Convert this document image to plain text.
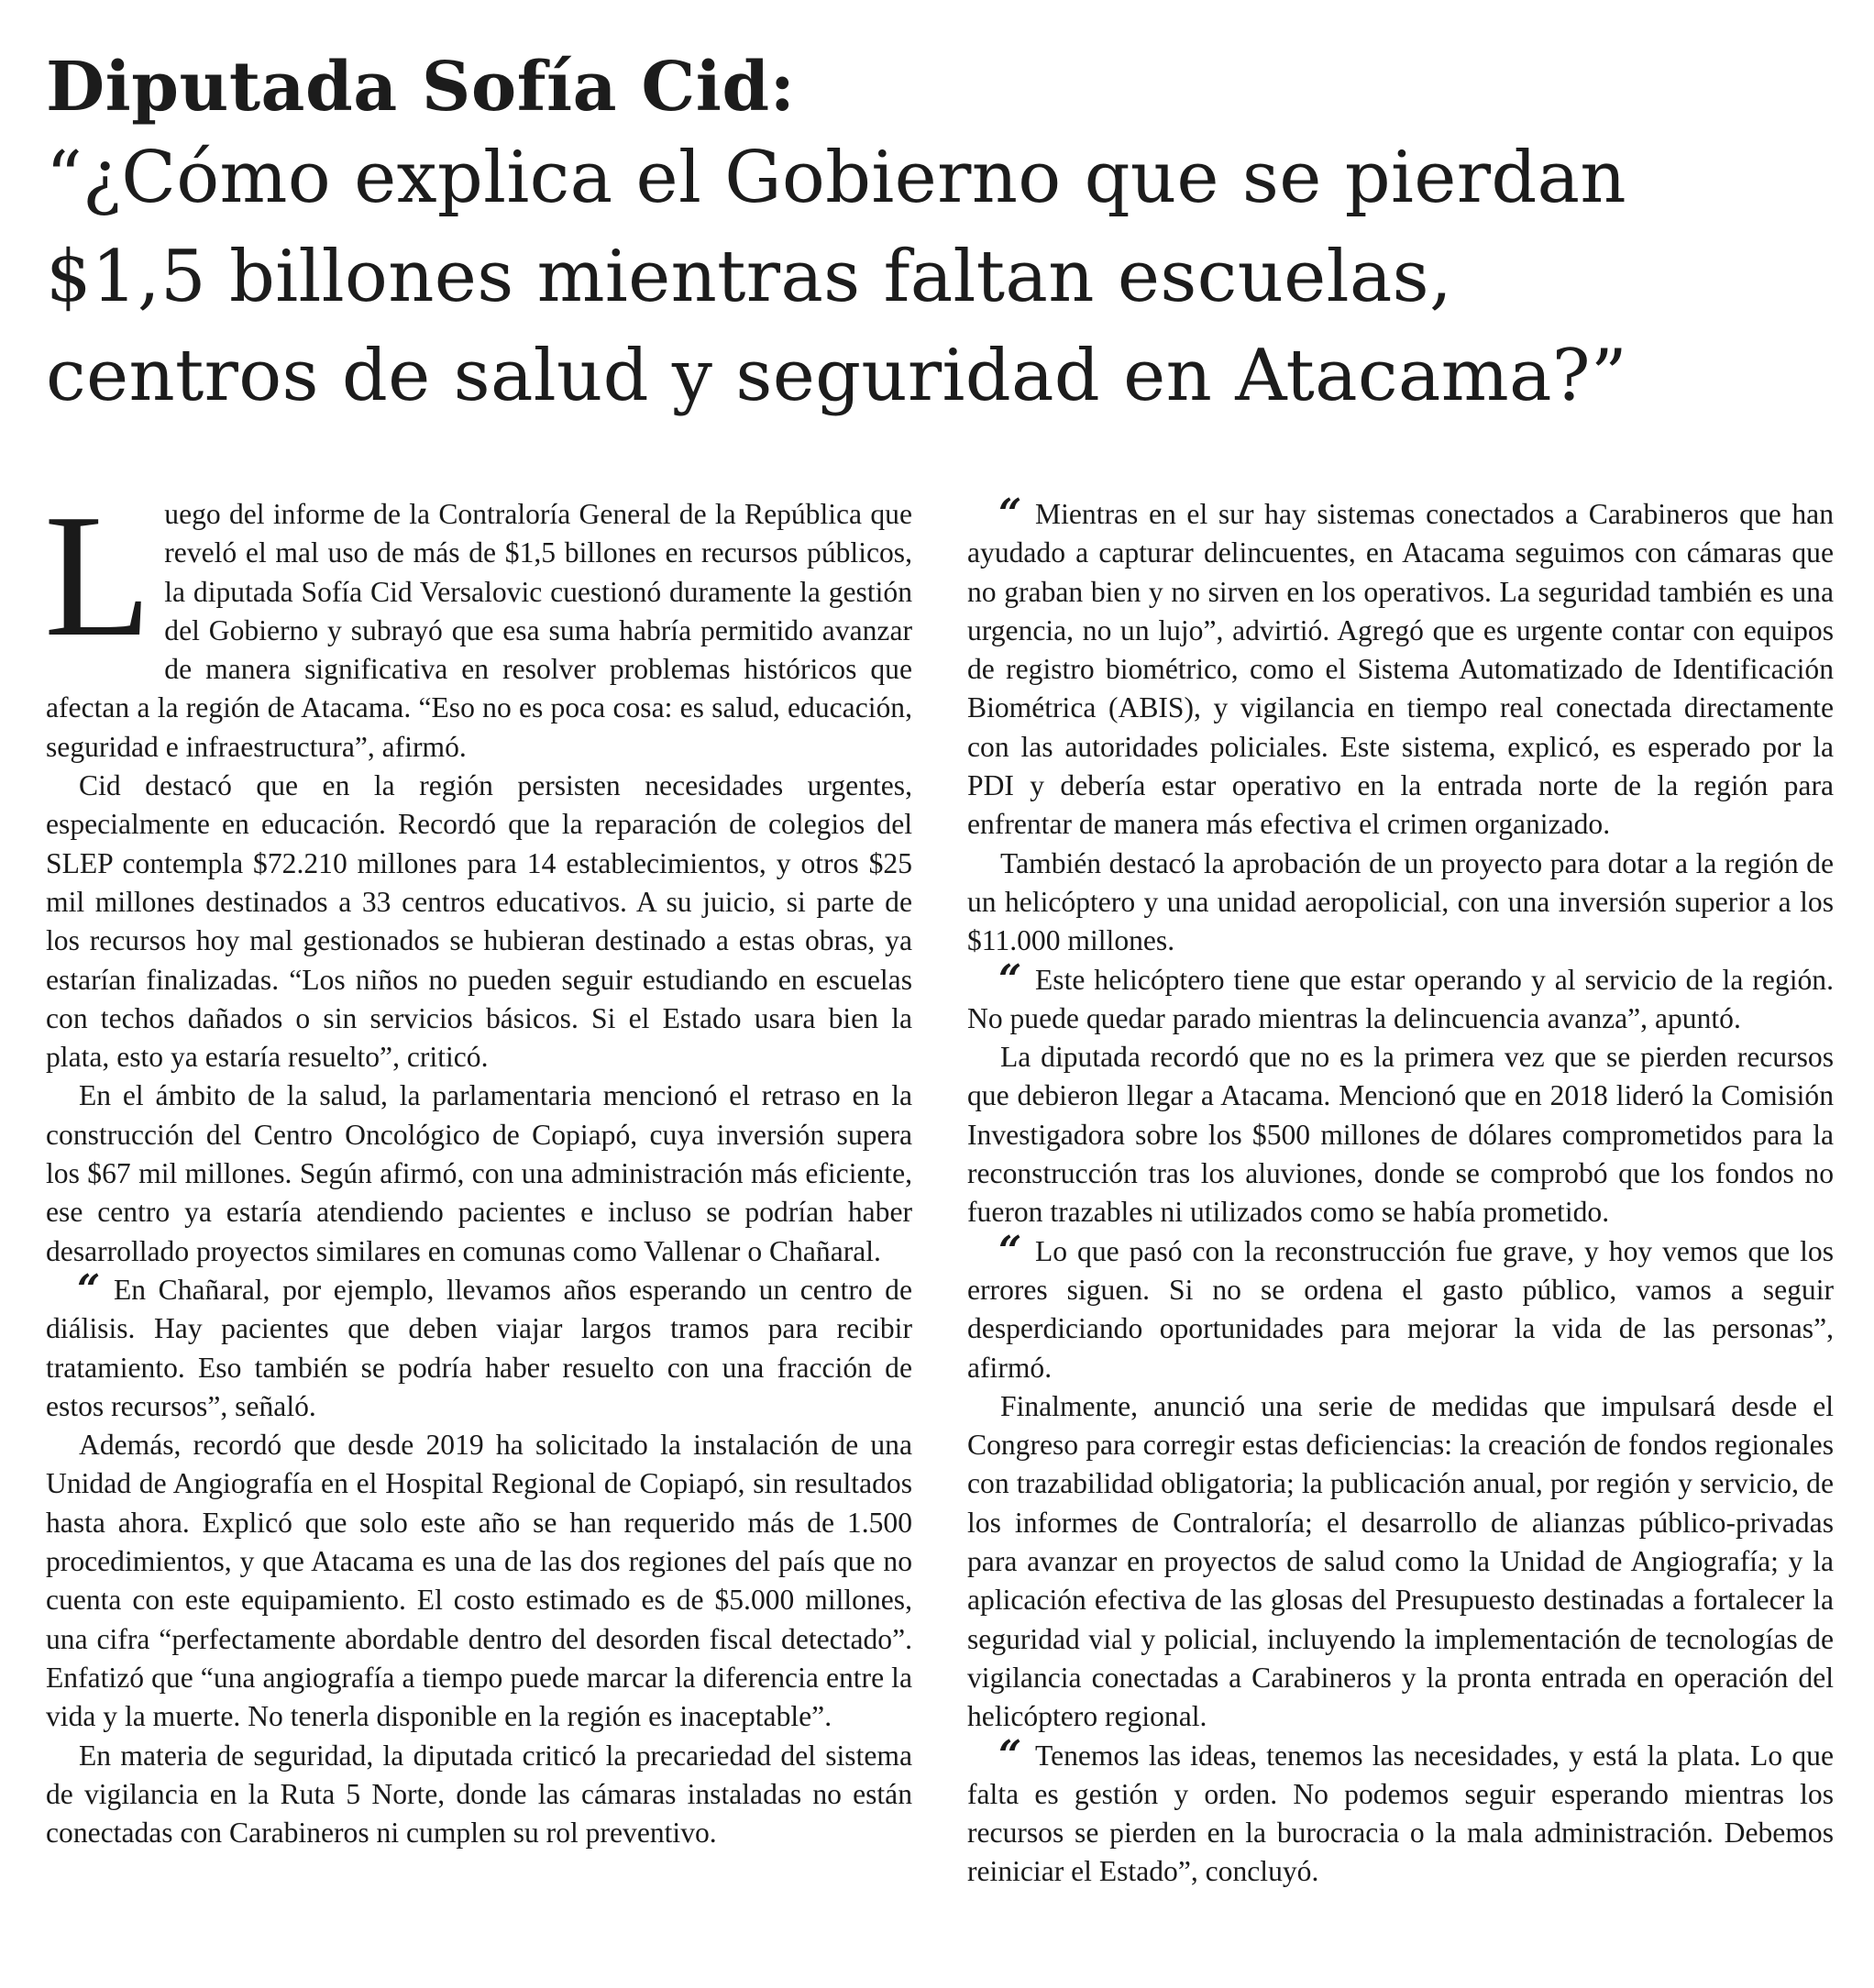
Diputada Sofía Cid:
“¿Cómo explica el Gobierno que se pierdan
$1,5 billones mientras faltan escuelas,
centros de salud y seguridad en Atacama?”

Luego del informe de la Contraloría General de la República que reveló el mal uso de más de $1,5 billones en recursos públicos, la diputada Sofía Cid Versalovic cuestionó duramente la gestión del Gobierno y subrayó que esa suma habría permitido avanzar de manera significativa en resolver problemas históricos que afectan a la región de Atacama. “Eso no es poca cosa: es salud, educación, seguridad e infraestructura”, afirmó.

Cid destacó que en la región persisten necesidades urgentes, especialmente en educación. Recordó que la reparación de colegios del SLEP contempla $72.210 millones para 14 establecimientos, y otros $25 mil millones destinados a 33 centros educativos. A su juicio, si parte de los recursos hoy mal gestionados se hubieran destinado a estas obras, ya estarían finalizadas. “Los niños no pueden seguir estudiando en escuelas con techos dañados o sin servicios básicos. Si el Estado usara bien la plata, esto ya estaría resuelto”, criticó.

En el ámbito de la salud, la parlamentaria mencionó el retraso en la construcción del Centro Oncológico de Copiapó, cuya inversión supera los $67 mil millones. Según afirmó, con una administración más eficiente, ese centro ya estaría atendiendo pacientes e incluso se podrían haber desarrollado proyectos similares en comunas como Vallenar o Chañaral.

“ En Chañaral, por ejemplo, llevamos años esperando un centro de diálisis. Hay pacientes que deben viajar largos tramos para recibir tratamiento. Eso también se podría haber resuelto con una fracción de estos recursos”, señaló.

Además, recordó que desde 2019 ha solicitado la instalación de una Unidad de Angiografía en el Hospital Regional de Copiapó, sin resultados hasta ahora. Explicó que solo este año se han requerido más de 1.500 procedimientos, y que Atacama es una de las dos regiones del país que no cuenta con este equipamiento. El costo estimado es de $5.000 millones, una cifra “perfectamente abordable dentro del desorden fiscal detectado”. Enfatizó que “una angiografía a tiempo puede marcar la diferencia entre la vida y la muerte. No tenerla disponible en la región es inaceptable”.

En materia de seguridad, la diputada criticó la precariedad del sistema de vigilancia en la Ruta 5 Norte, donde las cámaras instaladas no están conectadas con Carabineros ni cumplen su rol preventivo.

“ Mientras en el sur hay sistemas conectados a Carabineros que han ayudado a capturar delincuentes, en Atacama seguimos con cámaras que no graban bien y no sirven en los operativos. La seguridad también es una urgencia, no un lujo”, advirtió. Agregó que es urgente contar con equipos de registro biométrico, como el Sistema Automatizado de Identificación Biométrica (ABIS), y vigilancia en tiempo real conectada directamente con las autoridades policiales. Este sistema, explicó, es esperado por la PDI y debería estar operativo en la entrada norte de la región para enfrentar de manera más efectiva el crimen organizado.

También destacó la aprobación de un proyecto para dotar a la región de un helicóptero y una unidad aeropolicial, con una inversión superior a los $11.000 millones.

“ Este helicóptero tiene que estar operando y al servicio de la región. No puede quedar parado mientras la delincuencia avanza”, apuntó.

La diputada recordó que no es la primera vez que se pierden recursos que debieron llegar a Atacama. Mencionó que en 2018 lideró la Comisión Investigadora sobre los $500 millones de dólares comprometidos para la reconstrucción tras los aluviones, donde se comprobó que los fondos no fueron trazables ni utilizados como se había prometido.

“ Lo que pasó con la reconstrucción fue grave, y hoy vemos que los errores siguen. Si no se ordena el gasto público, vamos a seguir desperdiciando oportunidades para mejorar la vida de las personas”, afirmó.

Finalmente, anunció una serie de medidas que impulsará desde el Congreso para corregir estas deficiencias: la creación de fondos regionales con trazabilidad obligatoria; la publicación anual, por región y servicio, de los informes de Contraloría; el desarrollo de alianzas público-privadas para avanzar en proyectos de salud como la Unidad de Angiografía; y la aplicación efectiva de las glosas del Presupuesto destinadas a fortalecer la seguridad vial y policial, incluyendo la implementación de tecnologías de vigilancia conectadas a Carabineros y la pronta entrada en operación del helicóptero regional.

“ Tenemos las ideas, tenemos las necesidades, y está la plata. Lo que falta es gestión y orden. No podemos seguir esperando mientras los recursos se pierden en la burocracia o la mala administración. Debemos reiniciar el Estado”, concluyó.
